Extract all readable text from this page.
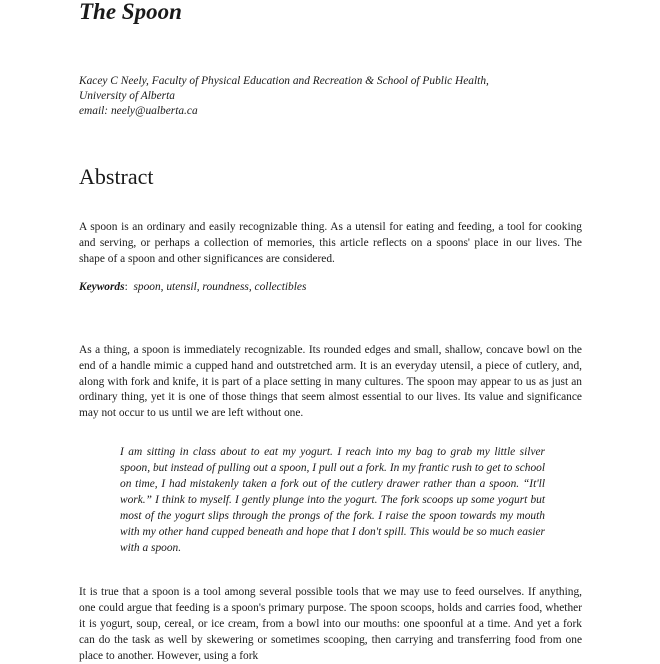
The Spoon
Kacey C Neely, Faculty of Physical Education and Recreation & School of Public Health,
University of Alberta
email: neely@ualberta.ca
Abstract

A spoon is an ordinary and easily recognizable thing. As a utensil for eating and feeding, a tool for cooking and serving, or perhaps a collection of memories, this article reflects on a spoons' place in our lives. The shape of a spoon and other significances are considered.

Keywords:  spoon, utensil, roundness, collectibles

As a thing, a spoon is immediately recognizable. Its rounded edges and small, shallow, concave bowl on the end of a handle mimic a cupped hand and outstretched arm. It is an everyday utensil, a piece of cutlery, and, along with fork and knife, it is part of a place setting in many cultures. The spoon may appear to us as just an ordinary thing, yet it is one of those things that seem almost essential to our lives. Its value and significance may not occur to us until we are left without one.

I am sitting in class about to eat my yogurt. I reach into my bag to grab my little silver spoon, but instead of pulling out a spoon, I pull out a fork. In my frantic rush to get to school on time, I had mistakenly taken a fork out of the cutlery drawer rather than a spoon. “It'll work.” I think to myself. I gently plunge into the yogurt. The fork scoops up some yogurt but most of the yogurt slips through the prongs of the fork. I raise the spoon towards my mouth with my other hand cupped beneath and hope that I don't spill. This would be so much easier with a spoon.

It is true that a spoon is a tool among several possible tools that we may use to feed ourselves. If anything, one could argue that feeding is a spoon's primary purpose. The spoon scoops, holds and carries food, whether it is yogurt, soup, cereal, or ice cream, from a bowl into our mouths: one spoonful at a time. And yet a fork can do the task as well by skewering or sometimes scooping, then carrying and transferring food from one place to another. However, using a fork
